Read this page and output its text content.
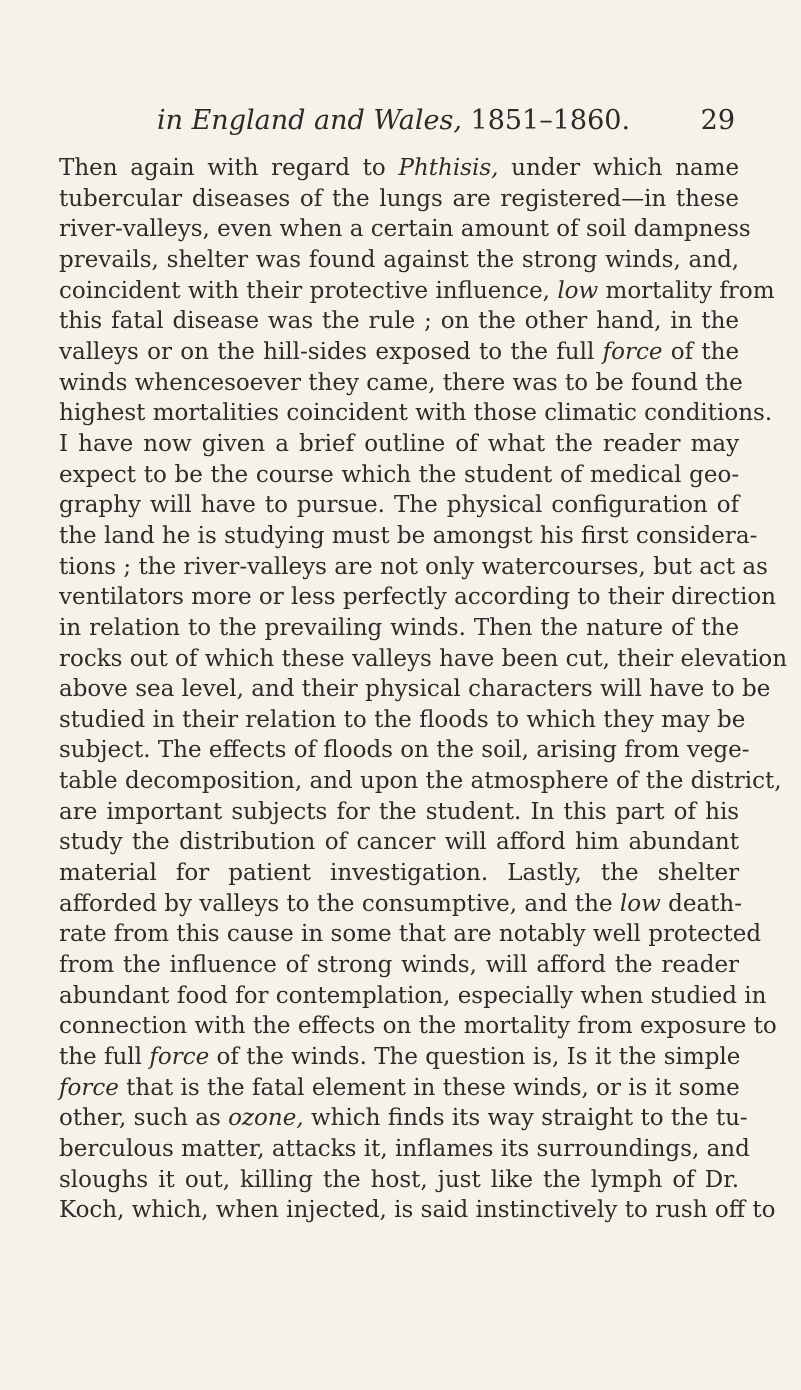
in England and Wales, 1851–1860.	29
Then again with regard to Phthisis, under which name
tubercular diseases of the lungs are registered—in these
river-valleys, even when a certain amount of soil dampness
prevails, shelter was found against the strong winds, and,
coincident with their protective influence, low mortality from
this fatal disease was the rule ; on the other hand, in the
valleys or on the hill-sides exposed to the full force of the
winds whencesoever they came, there was to be found the
highest mortalities coincident with those climatic conditions.
I have now given a brief outline of what the reader may
expect to be the course which the student of medical geo-
graphy will have to pursue. The physical configuration of
the land he is studying must be amongst his first considera-
tions ; the river-valleys are not only watercourses, but act as
ventilators more or less perfectly according to their direction
in relation to the prevailing winds. Then the nature of the
rocks out of which these valleys have been cut, their elevation
above sea level, and their physical characters will have to be
studied in their relation to the floods to which they may be
subject. The effects of floods on the soil, arising from vege-
table decomposition, and upon the atmosphere of the district,
are important subjects for the student. In this part of his
study the distribution of cancer will afford him abundant
material for patient investigation. Lastly, the shelter
afforded by valleys to the consumptive, and the low death-
rate from this cause in some that are notably well protected
from the influence of strong winds, will afford the reader
abundant food for contemplation, especially when studied in
connection with the effects on the mortality from exposure to
the full force of the winds. The question is, Is it the simple
force that is the fatal element in these winds, or is it some
other, such as ozone, which finds its way straight to the tu-
berculous matter, attacks it, inflames its surroundings, and
sloughs it out, killing the host, just like the lymph of Dr.
Koch, which, when injected, is said instinctively to rush off to
